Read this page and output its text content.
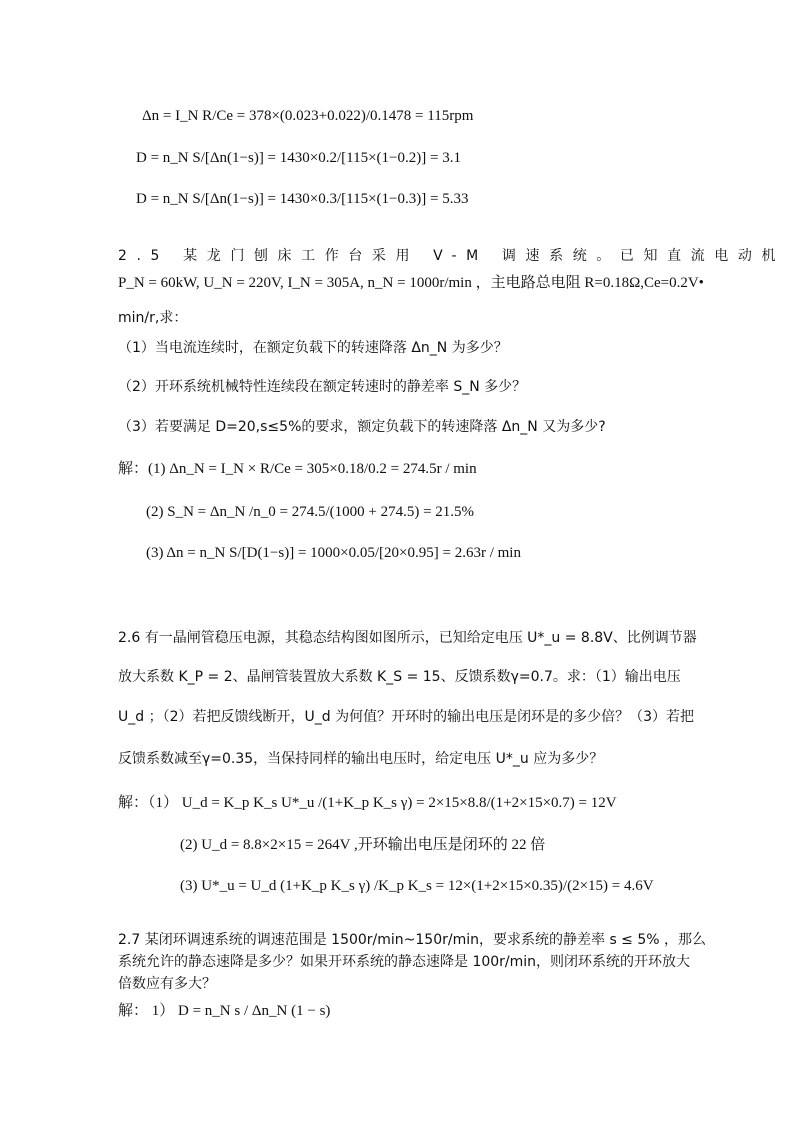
Δn = I_N R/Ce = 378×(0.023+0.022)/0.1478 = 115rpm
D = n_N S/[Δn(1−s)] = 1430×0.2/[115×(1−0.2)] = 3.1
D = n_N S/[Δn(1−s)] = 1430×0.3/[115×(1−0.3)] = 5.33
2.5 某龙门刨床工作台采用 V-M 调速系统。已知直流电动机
P_N = 60kW, U_N = 220V, I_N = 305A, n_N = 1000r/min ，主电路总电阻 R=0.18Ω,Ce=0.2V•
min/r,求：
（1）当电流连续时，在额定负载下的转速降落 Δn_N 为多少？
（2）开环系统机械特性连续段在额定转速时的静差率 S_N 多少？
（3）若要满足 D=20,s≤5%的要求，额定负载下的转速降落 Δn_N 又为多少?
解：(1) Δn_N = I_N × R/Ce = 305×0.18/0.2 = 274.5r / min
(2) S_N = Δn_N /n_0 = 274.5/(1000 + 274.5) = 21.5%
(3) Δn = n_N S/[D(1−s)] = 1000×0.05/[20×0.95] = 2.63r / min
2.6 有一晶闸管稳压电源，其稳态结构图如图所示，已知给定电压 U*_u = 8.8V、比例调节器
放大系数 K_P = 2、晶闸管装置放大系数 K_S = 15、反馈系数γ=0.7。求：（1）输出电压
U_d ；（2）若把反馈线断开，U_d 为何值？开环时的输出电压是闭环是的多少倍？（3）若把
反馈系数减至γ=0.35，当保持同样的输出电压时，给定电压 U*_u 应为多少？
解：（1） U_d = K_p K_s U*_u /(1+K_p K_s γ) = 2×15×8.8/(1+2×15×0.7) = 12V
(2) U_d = 8.8×2×15 = 264V ,开环输出电压是闭环的 22 倍
(3) U*_u = U_d (1+K_p K_s γ) /K_p K_s = 12×(1+2×15×0.35)/(2×15) = 4.6V
2.7 某闭环调速系统的调速范围是 1500r/min~150r/min，要求系统的静差率 s ≤ 5% ，那么
系统允许的静态速降是多少？如果开环系统的静态速降是 100r/min，则闭环系统的开环放大
倍数应有多大？
解： 1） D = n_N s / Δn_N (1 − s)
